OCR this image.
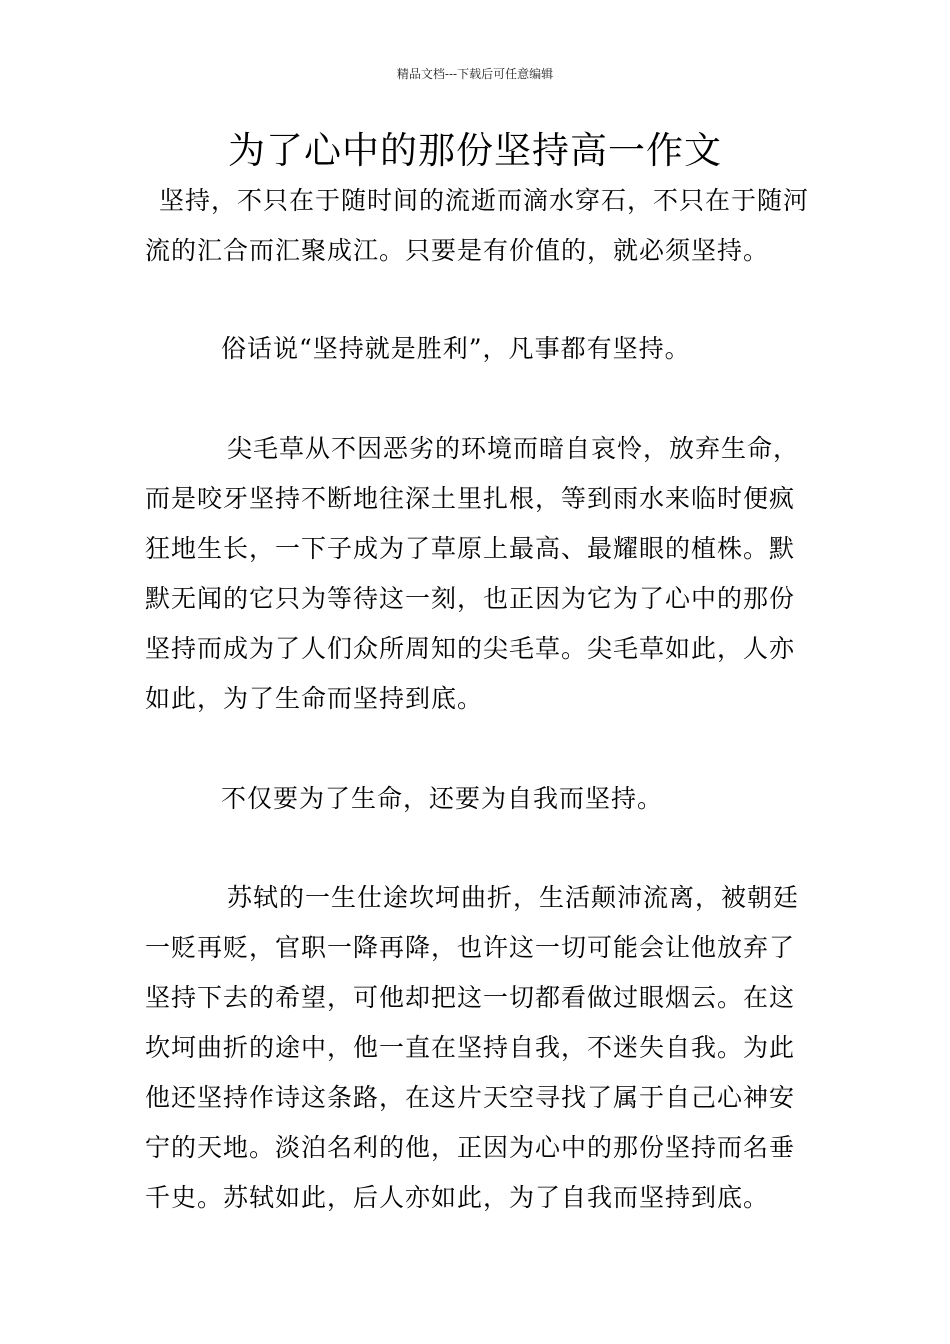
精品文档---下载后可任意编辑
为了心中的那份坚持高一作文

坚持，不只在于随时间的流逝而滴水穿石，不只在于随河流的汇合而汇聚成江。只要是有价值的，就必须坚持。

俗话说“坚持就是胜利”，凡事都有坚持。

尖毛草从不因恶劣的环境而暗自哀怜，放弃生命，而是咬牙坚持不断地往深土里扎根，等到雨水来临时便疯狂地生长，一下子成为了草原上最高、最耀眼的植株。默默无闻的它只为等待这一刻，也正因为它为了心中的那份坚持而成为了人们众所周知的尖毛草。尖毛草如此，人亦如此，为了生命而坚持到底。

不仅要为了生命，还要为自我而坚持。

苏轼的一生仕途坎坷曲折，生活颠沛流离，被朝廷一贬再贬，官职一降再降，也许这一切可能会让他放弃了坚持下去的希望，可他却把这一切都看做过眼烟云。在这坎坷曲折的途中，他一直在坚持自我，不迷失自我。为此他还坚持作诗这条路，在这片天空寻找了属于自己心神安宁的天地。淡泊名利的他，正因为心中的那份坚持而名垂千史。苏轼如此，后人亦如此，为了自我而坚持到底。
